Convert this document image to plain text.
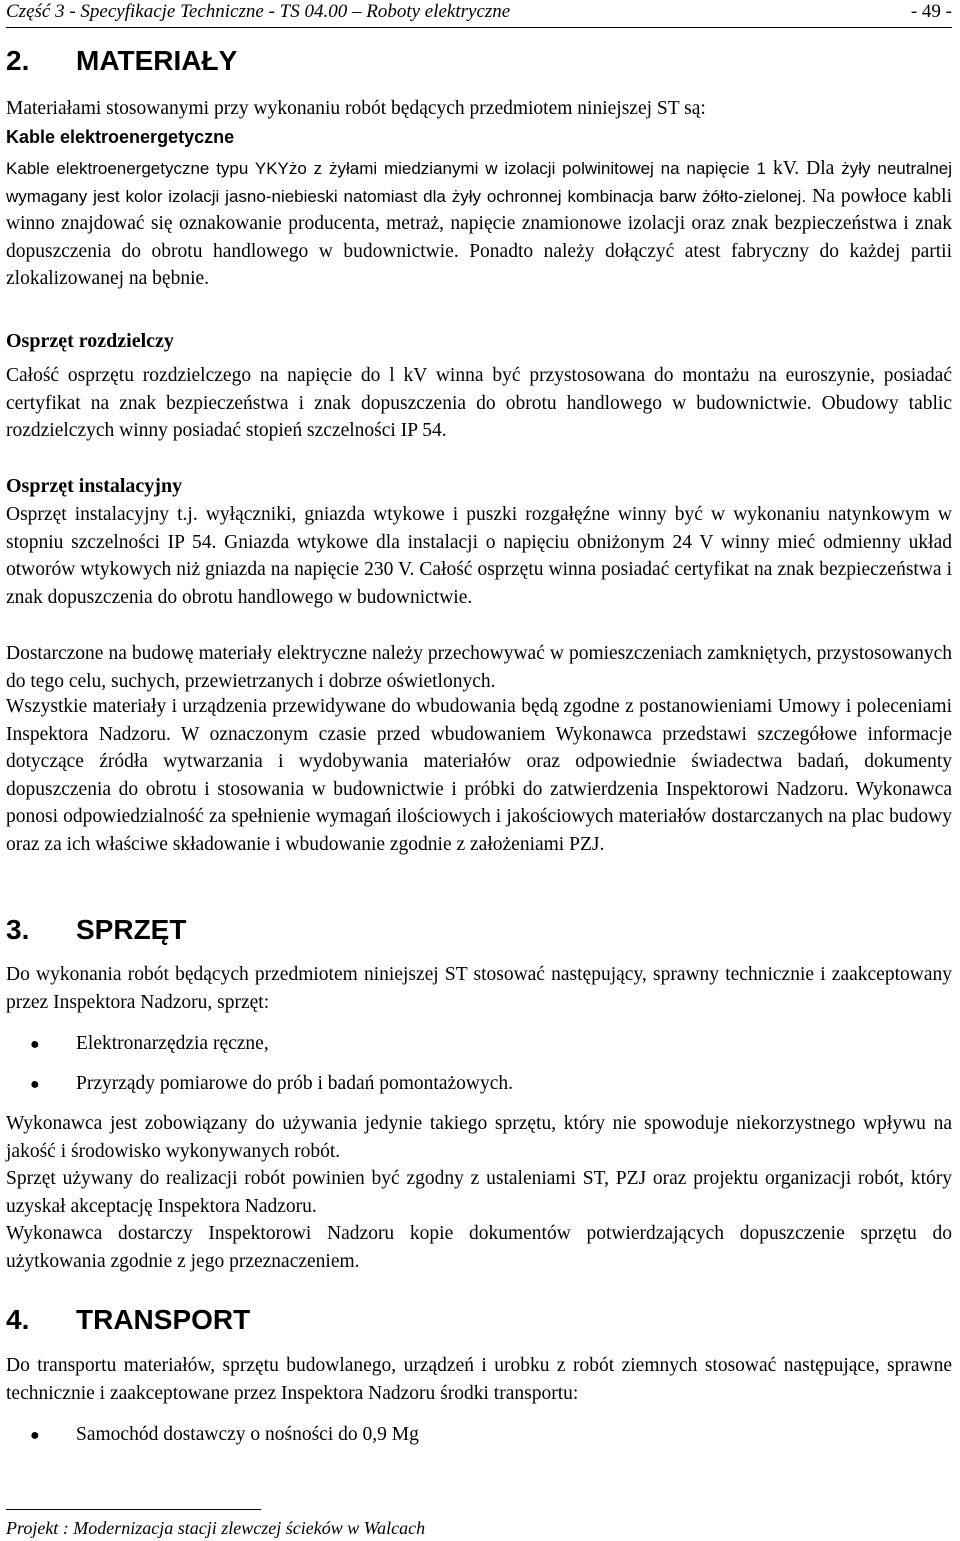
Część 3 - Specyfikacje Techniczne - TS 04.00 – Roboty elektryczne	- 49 -
2. MATERIAŁY

Materiałami stosowanymi przy wykonaniu robót będących przedmiotem niniejszej ST są:

Kable elektroenergetyczne

Kable elektroenergetyczne typu YKYżo z żyłami miedzianymi w izolacji polwinitowej na napięcie 1 kV. Dla żyły neutralnej wymagany jest kolor izolacji jasno-niebieski natomiast dla żyły ochronnej kombinacja barw żółto-zielonej. Na powłoce kabli winno znajdować się oznakowanie producenta, metraż, napięcie znamionowe izolacji oraz znak bezpieczeństwa i znak dopuszczenia do obrotu handlowego w budownictwie. Ponadto należy dołączyć atest fabryczny do każdej partii zlokalizowanej na bębnie.

Osprzęt rozdzielczy

Całość osprzętu rozdzielczego na napięcie do l kV winna być przystosowana do montażu na euroszynie, posiadać certyfikat na znak bezpieczeństwa i znak dopuszczenia do obrotu handlowego w budownictwie. Obudowy tablic rozdzielczych winny posiadać stopień szczelności IP 54.

Osprzęt instalacyjny

Osprzęt instalacyjny t.j. wyłączniki, gniazda wtykowe i puszki rozgałęźne winny być w wykonaniu natynkowym w stopniu szczelności IP 54. Gniazda wtykowe dla instalacji o napięciu obniżonym 24 V winny mieć odmienny układ otworów wtykowych niż gniazda na napięcie 230 V. Całość osprzętu winna posiadać certyfikat na znak bezpieczeństwa i znak dopuszczenia do obrotu handlowego w budownictwie.

Dostarczone na budowę materiały elektryczne należy przechowywać w pomieszczeniach zamkniętych, przystosowanych do tego celu, suchych, przewietrzanych i dobrze oświetlonych.

Wszystkie materiały i urządzenia przewidywane do wbudowania będą zgodne z postanowieniami Umowy i poleceniami Inspektora Nadzoru. W oznaczonym czasie przed wbudowaniem Wykonawca przedstawi szczegółowe informacje dotyczące źródła wytwarzania i wydobywania materiałów oraz odpowiednie świadectwa badań, dokumenty dopuszczenia do obrotu i stosowania w budownictwie i próbki do zatwierdzenia Inspektorowi Nadzoru. Wykonawca ponosi odpowiedzialność za spełnienie wymagań ilościowych i jakościowych materiałów dostarczanych na plac budowy oraz za ich właściwe składowanie i wbudowanie zgodnie z założeniami PZJ.

3. SPRZĘT

Do wykonania robót będących przedmiotem niniejszej ST stosować następujący, sprawny technicznie i zaakceptowany przez Inspektora Nadzoru, sprzęt:

● Elektronarzędzia ręczne,

● Przyrządy pomiarowe do prób i badań pomontażowych.

Wykonawca jest zobowiązany do używania jedynie takiego sprzętu, który nie spowoduje niekorzystnego wpływu na jakość i środowisko wykonywanych robót.

Sprzęt używany do realizacji robót powinien być zgodny z ustaleniami ST, PZJ oraz projektu organizacji robót, który uzyskał akceptację Inspektora Nadzoru.

Wykonawca dostarczy Inspektorowi Nadzoru kopie dokumentów potwierdzających dopuszczenie sprzętu do użytkowania zgodnie z jego przeznaczeniem.

4. TRANSPORT

Do transportu materiałów, sprzętu budowlanego, urządzeń i urobku z robót ziemnych stosować następujące, sprawne technicznie i zaakceptowane przez Inspektora Nadzoru środki transportu:

● Samochód dostawczy o nośności do 0,9 Mg

Projekt : Modernizacja stacji zlewczej ścieków w Walcach
